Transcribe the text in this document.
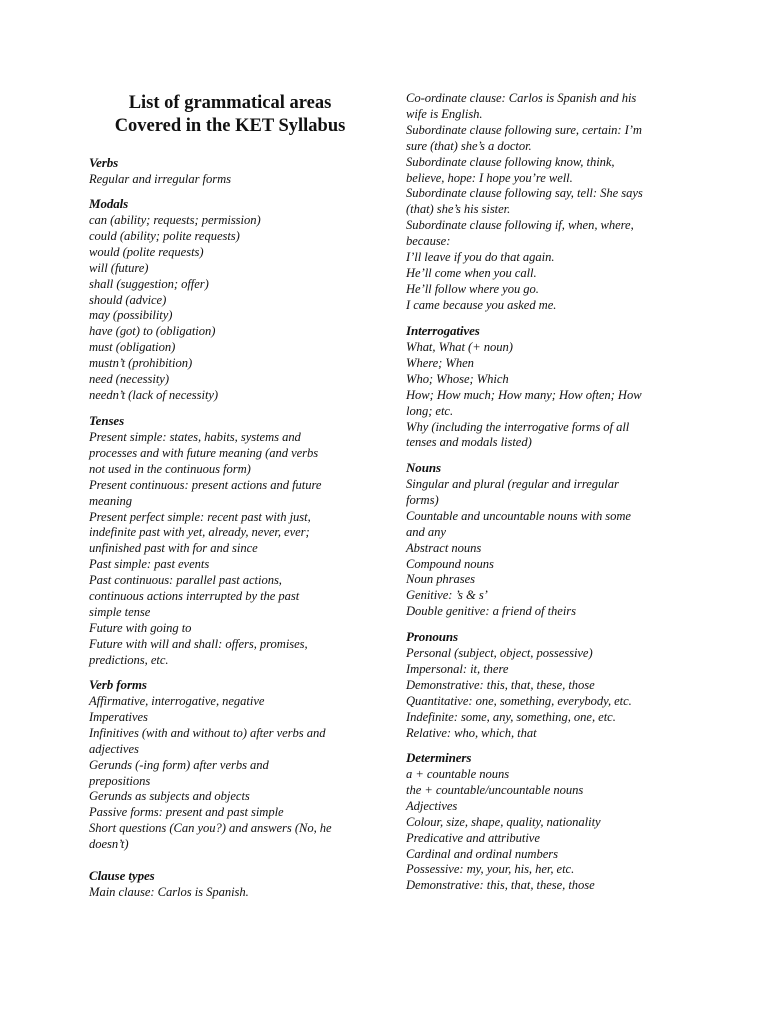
List of grammatical areas
Covered in the KET Syllabus
Verbs

Regular and irregular forms

Modals

can (ability; requests; permission)

could (ability; polite requests)

would (polite requests)

will (future)

shall (suggestion; offer)

should (advice)

may (possibility)

have (got) to (obligation)

must (obligation)

mustn’t (prohibition)

need (necessity)

needn’t (lack of necessity)

Tenses

Present simple: states, habits, systems and

processes and with future meaning (and verbs

not used in the continuous form)

Present continuous: present actions and future

meaning

Present perfect simple: recent past with just,

indefinite past with yet, already, never, ever;

unfinished past with for and since

Past simple: past events

Past continuous: parallel past actions,

continuous actions interrupted by the past

simple tense

Future with going to

Future with will and shall: offers, promises,

predictions, etc.

Verb forms

Affirmative, interrogative, negative

Imperatives

Infinitives (with and without to) after verbs and

adjectives

Gerunds (-ing form) after verbs and

prepositions

Gerunds as subjects and objects

Passive forms: present and past simple

Short questions (Can you?) and answers (No, he

doesn’t)

Clause types

Main clause: Carlos is Spanish.

Co-ordinate clause: Carlos is Spanish and his

wife is English.

Subordinate clause following sure, certain: I’m

sure (that) she’s a doctor.

Subordinate clause following know, think,

believe, hope: I hope you’re well.

Subordinate clause following say, tell: She says

(that) she’s his sister.

Subordinate clause following if, when, where,

because:

I’ll leave if you do that again.

He’ll come when you call.

He’ll follow where you go.

I came because you asked me.

Interrogatives

What, What (+ noun)

Where; When

Who; Whose; Which

How; How much; How many; How often; How

long; etc.

Why (including the interrogative forms of all

tenses and modals listed)

Nouns

Singular and plural (regular and irregular

forms)

Countable and uncountable nouns with some

and any

Abstract nouns

Compound nouns

Noun phrases

Genitive: ’s & s’

Double genitive: a friend of theirs

Pronouns

Personal (subject, object, possessive)

Impersonal: it, there

Demonstrative: this, that, these, those

Quantitative: one, something, everybody, etc.

Indefinite: some, any, something, one, etc.

Relative: who, which, that

Determiners

a + countable nouns

the + countable/uncountable nouns

Adjectives

Colour, size, shape, quality, nationality

Predicative and attributive

Cardinal and ordinal numbers

Possessive: my, your, his, her, etc.

Demonstrative: this, that, these, those
